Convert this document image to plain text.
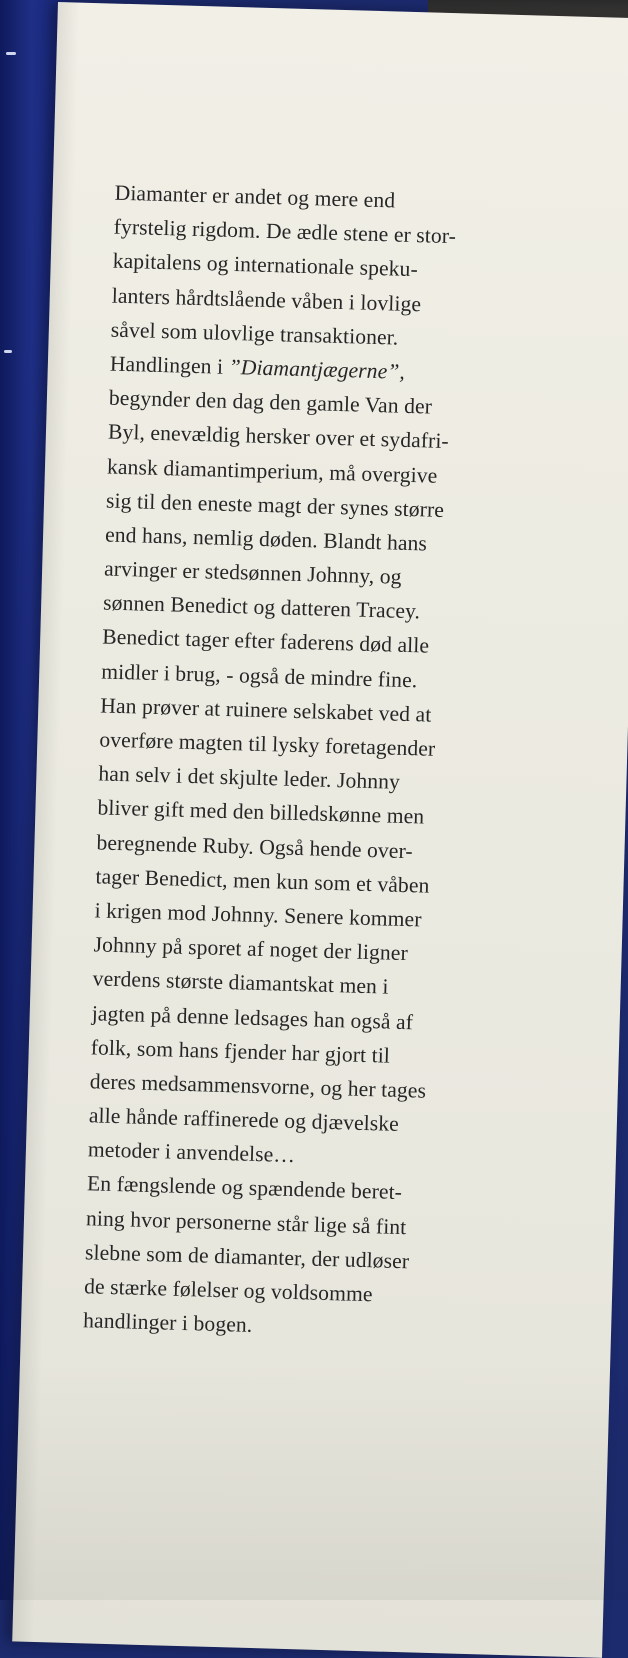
Diamanter er andet og mere end
fyrstelig rigdom. De ædle stene er stor-
kapitalens og internationale speku-
lanters hårdtslående våben i lovlige
såvel som ulovlige transaktioner.
Handlingen i ”Diamantjægerne”,
begynder den dag den gamle Van der
Byl, enevældig hersker over et sydafri-
kansk diamantimperium, må overgive
sig til den eneste magt der synes større
end hans, nemlig døden. Blandt hans
arvinger er stedsønnen Johnny, og
sønnen Benedict og datteren Tracey.
Benedict tager efter faderens død alle
midler i brug, - også de mindre fine.
Han prøver at ruinere selskabet ved at
overføre magten til lysky foretagender
han selv i det skjulte leder. Johnny
bliver gift med den billedskønne men
beregnende Ruby. Også hende over-
tager Benedict, men kun som et våben
i krigen mod Johnny. Senere kommer
Johnny på sporet af noget der ligner
verdens største diamantskat men i
jagten på denne ledsages han også af
folk, som hans fjender har gjort til
deres medsammensvorne, og her tages
alle hånde raffinerede og djævelske
metoder i anvendelse…
En fængslende og spændende beret-
ning hvor personerne står lige så fint
slebne som de diamanter, der udløser
de stærke følelser og voldsomme
handlinger i bogen.
